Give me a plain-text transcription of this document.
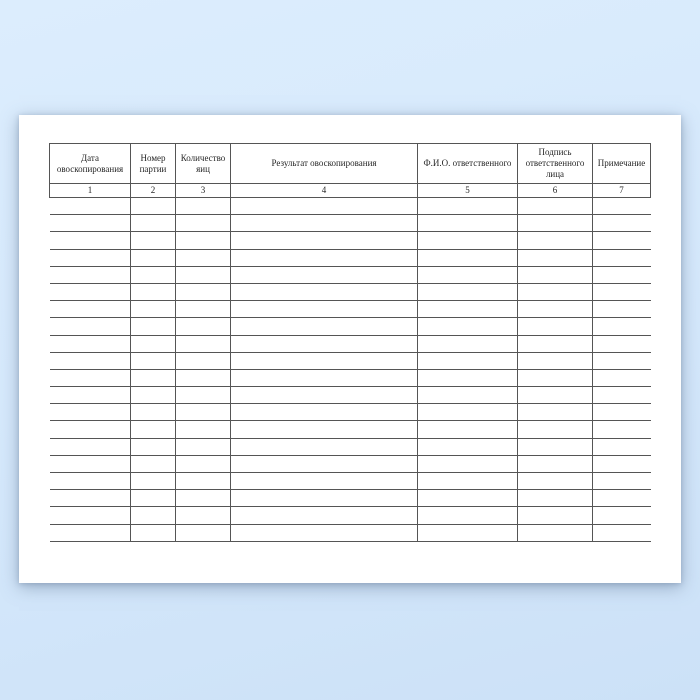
Дата овоскопирования	Номер партии	Количество яиц	Результат овоскопирования	Ф.И.О. ответственного	Подпись ответственного лица	Примечание
1	2	3	4	5	6	7
